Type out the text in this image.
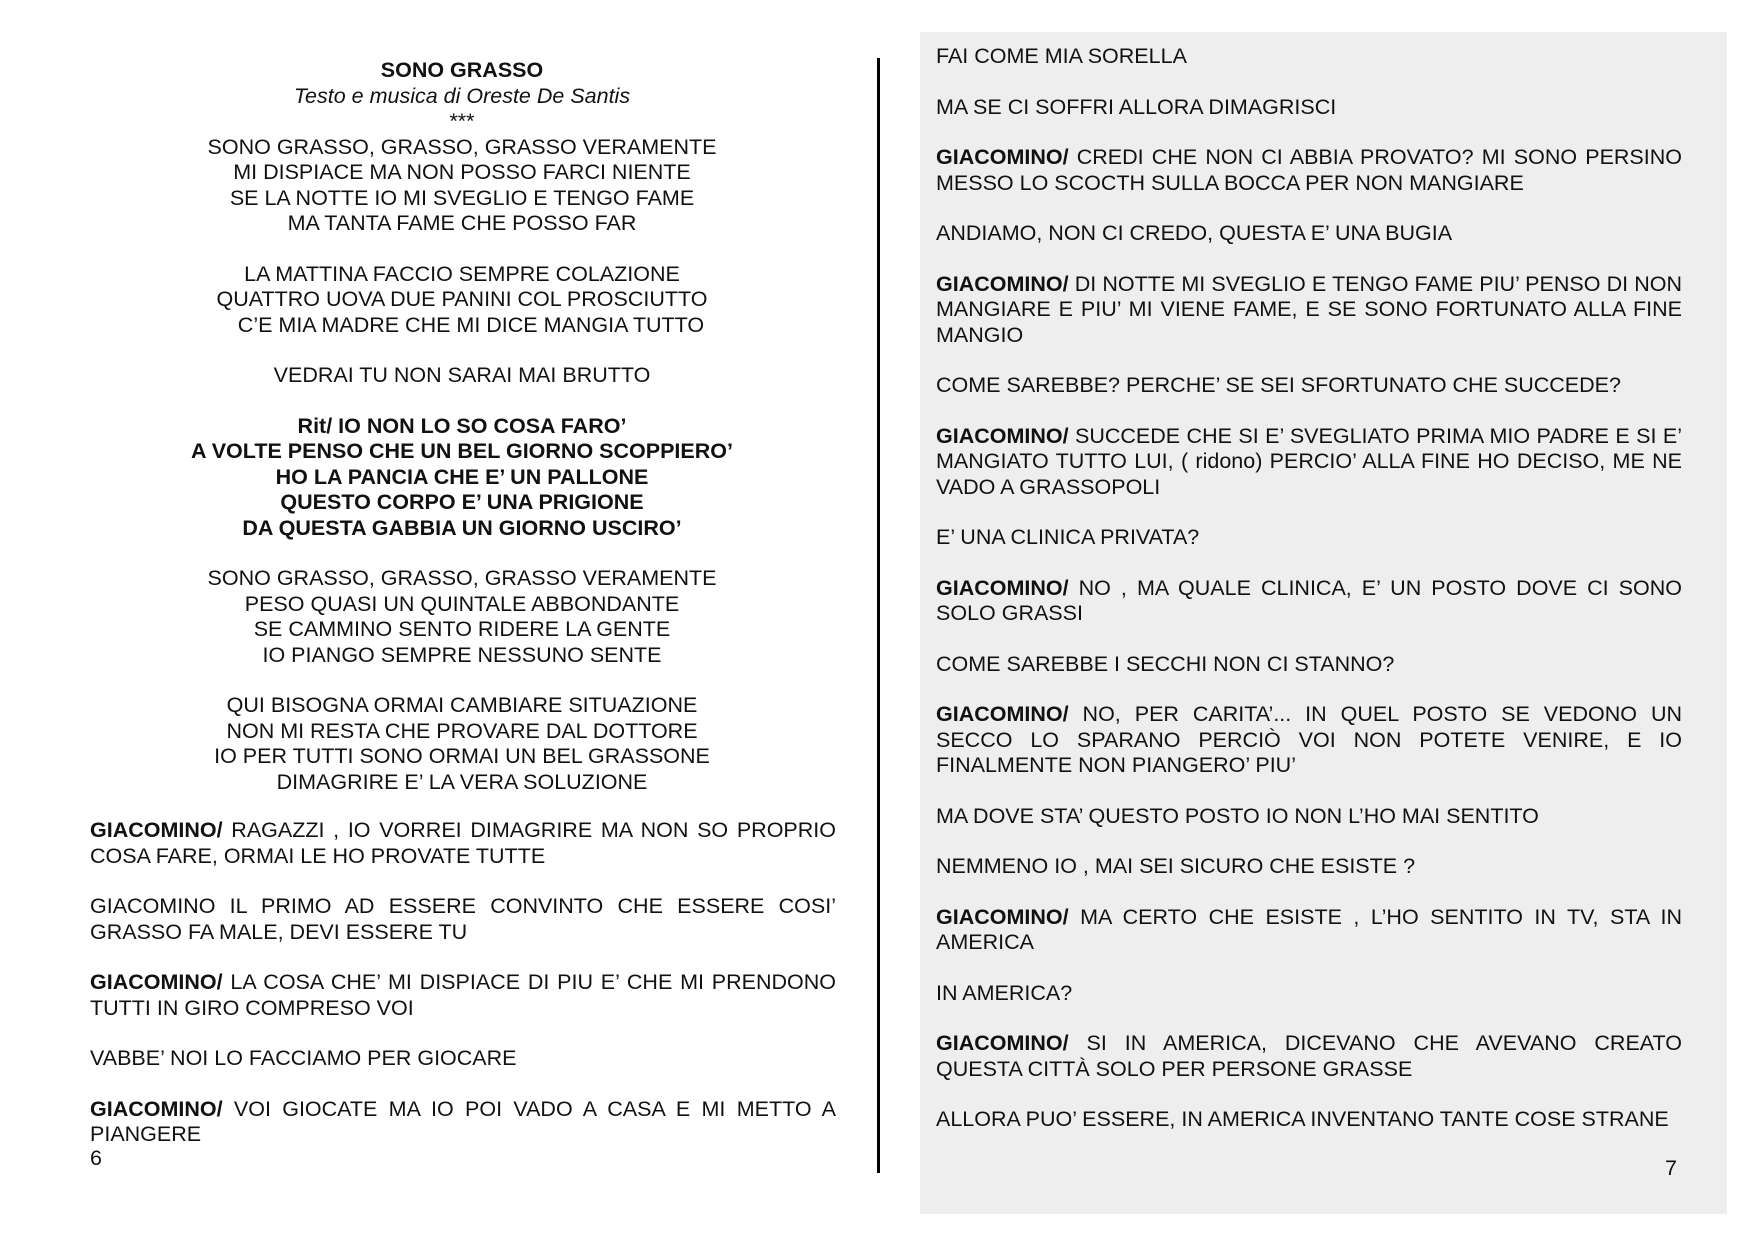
SONO GRASSO
Testo e musica di Oreste De Santis
***
SONO GRASSO, GRASSO, GRASSO VERAMENTE
MI DISPIACE MA NON POSSO FARCI NIENTE
SE LA NOTTE IO MI SVEGLIO E TENGO FAME
MA TANTA FAME CHE POSSO FAR
LA MATTINA FACCIO SEMPRE COLAZIONE
QUATTRO UOVA DUE PANINI COL PROSCIUTTO
C’E MIA MADRE CHE MI DICE MANGIA TUTTO
VEDRAI TU NON SARAI MAI BRUTTO
Rit/ IO NON LO SO COSA FARO’
A VOLTE PENSO CHE UN BEL GIORNO SCOPPIERO’
HO LA PANCIA CHE E’ UN PALLONE
QUESTO CORPO E’ UNA PRIGIONE
DA QUESTA GABBIA UN GIORNO USCIRO’
SONO GRASSO, GRASSO, GRASSO VERAMENTE
PESO QUASI UN QUINTALE ABBONDANTE
SE CAMMINO SENTO RIDERE LA GENTE
IO PIANGO SEMPRE NESSUNO SENTE
QUI BISOGNA ORMAI CAMBIARE SITUAZIONE
NON MI RESTA CHE PROVARE DAL DOTTORE
IO PER TUTTI SONO ORMAI UN BEL GRASSONE
DIMAGRIRE E’ LA VERA SOLUZIONE

GIACOMINO/ RAGAZZI , IO VORREI DIMAGRIRE MA NON SO PROPRIO COSA FARE, ORMAI LE HO PROVATE TUTTE

GIACOMINO IL PRIMO AD ESSERE CONVINTO CHE ESSERE COSI’ GRASSO FA MALE, DEVI ESSERE TU

GIACOMINO/ LA COSA CHE’ MI DISPIACE DI PIU E’ CHE MI PRENDONO TUTTI IN GIRO COMPRESO VOI

VABBE’ NOI LO FACCIAMO PER GIOCARE

GIACOMINO/ VOI GIOCATE MA IO POI VADO A CASA E MI METTO A PIANGERE

6

FAI COME MIA SORELLA

MA SE CI SOFFRI ALLORA DIMAGRISCI

GIACOMINO/ CREDI CHE NON CI ABBIA PROVATO? MI SONO PERSINO MESSO LO SCOCTH SULLA BOCCA PER NON MANGIARE

ANDIAMO, NON CI CREDO, QUESTA E’ UNA BUGIA

GIACOMINO/ DI NOTTE MI SVEGLIO E TENGO FAME PIU’ PENSO DI NON MANGIARE E PIU’ MI VIENE FAME, E SE SONO FORTUNATO ALLA FINE MANGIO

COME SAREBBE? PERCHE’ SE SEI SFORTUNATO CHE SUCCEDE?

GIACOMINO/ SUCCEDE CHE SI E’ SVEGLIATO PRIMA MIO PADRE E SI E’ MANGIATO TUTTO LUI, ( ridono) PERCIO’ ALLA FINE HO DECISO, ME NE VADO A GRASSOPOLI

E’ UNA CLINICA PRIVATA?

GIACOMINO/ NO , MA QUALE CLINICA, E’ UN POSTO DOVE CI SONO SOLO GRASSI

COME SAREBBE I SECCHI NON CI STANNO?

GIACOMINO/ NO, PER CARITA’... IN QUEL POSTO SE VEDONO UN SECCO LO SPARANO PERCIÒ VOI NON POTETE VENIRE, E IO FINALMENTE NON PIANGERO’ PIU’

MA DOVE STA’ QUESTO POSTO IO NON L’HO MAI SENTITO

NEMMENO IO , MAI SEI SICURO CHE ESISTE ?

GIACOMINO/ MA CERTO CHE ESISTE , L’HO SENTITO IN TV, STA IN AMERICA

IN AMERICA?

GIACOMINO/ SI IN AMERICA, DICEVANO CHE AVEVANO CREATO QUESTA CITTÀ SOLO PER PERSONE GRASSE

ALLORA PUO’ ESSERE, IN AMERICA INVENTANO TANTE COSE STRANE

7
